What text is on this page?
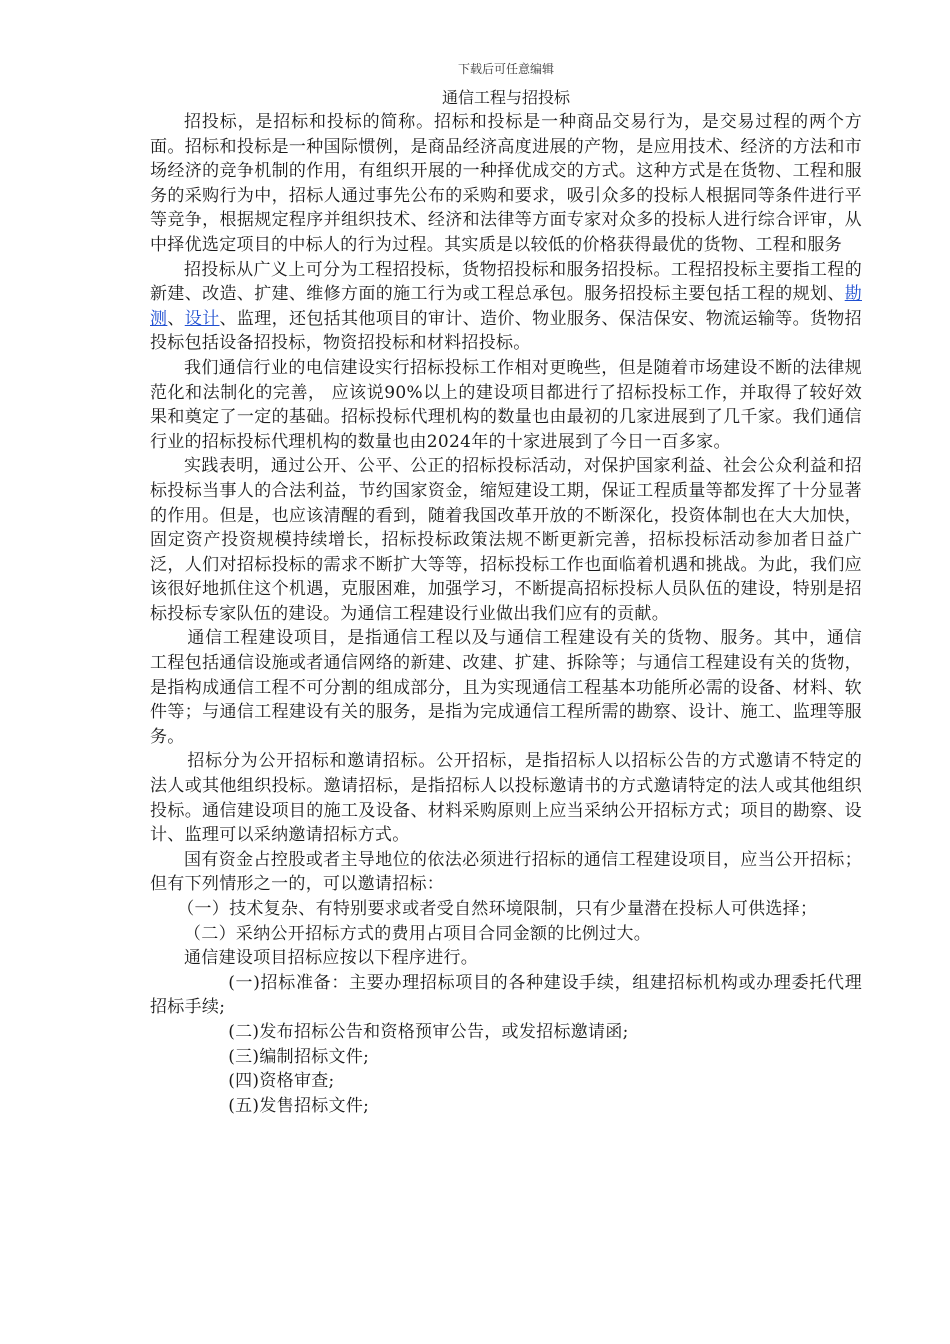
下载后可任意编辑
通信工程与招投标

招投标，是招标和投标的简称。招标和投标是一种商品交易行为，是交易过程的两个方面。招标和投标是一种国际惯例，是商品经济高度进展的产物，是应用技术、经济的方法和市场经济的竞争机制的作用，有组织开展的一种择优成交的方式。这种方式是在货物、工程和服务的采购行为中，招标人通过事先公布的采购和要求，吸引众多的投标人根据同等条件进行平等竞争，根据规定程序并组织技术、经济和法律等方面专家对众多的投标人进行综合评审，从中择优选定项目的中标人的行为过程。其实质是以较低的价格获得最优的货物、工程和服务

招投标从广义上可分为工程招投标，货物招投标和服务招投标。工程招投标主要指工程的新建、改造、扩建、维修方面的施工行为或工程总承包。服务招投标主要包括工程的规划、勘测、设计、监理，还包括其他项目的审计、造价、物业服务、保洁保安、物流运输等。货物招投标包括设备招投标，物资招投标和材料招投标。

我们通信行业的电信建设实行招标投标工作相对更晚些，但是随着市场建设不断的法律规范化和法制化的完善， 应该说90%以上的建设项目都进行了招标投标工作，并取得了较好效果和奠定了一定的基础。招标投标代理机构的数量也由最初的几家进展到了几千家。我们通信行业的招标投标代理机构的数量也由2024年的十家进展到了今日一百多家。

实践表明，通过公开、公平、公正的招标投标活动，对保护国家利益、社会公众利益和招标投标当事人的合法利益，节约国家资金，缩短建设工期，保证工程质量等都发挥了十分显著的作用。但是，也应该清醒的看到，随着我国改革开放的不断深化，投资体制也在大大加快，固定资产投资规模持续增长，招标投标政策法规不断更新完善，招标投标活动参加者日益广泛，人们对招标投标的需求不断扩大等等，招标投标工作也面临着机遇和挑战。为此，我们应该很好地抓住这个机遇，克服困难，加强学习，不断提高招标投标人员队伍的建设，特别是招标投标专家队伍的建设。为通信工程建设行业做出我们应有的贡献。

通信工程建设项目，是指通信工程以及与通信工程建设有关的货物、服务。其中，通信工程包括通信设施或者通信网络的新建、改建、扩建、拆除等；与通信工程建设有关的货物，是指构成通信工程不可分割的组成部分，且为实现通信工程基本功能所必需的设备、材料、软件等；与通信工程建设有关的服务，是指为完成通信工程所需的勘察、设计、施工、监理等服务。

招标分为公开招标和邀请招标。公开招标，是指招标人以招标公告的方式邀请不特定的法人或其他组织投标。邀请招标，是指招标人以投标邀请书的方式邀请特定的法人或其他组织投标。通信建设项目的施工及设备、材料采购原则上应当采纳公开招标方式；项目的勘察、设计、监理可以采纳邀请招标方式。

国有资金占控股或者主导地位的依法必须进行招标的通信工程建设项目，应当公开招标；但有下列情形之一的，可以邀请招标：

（一）技术复杂、有特别要求或者受自然环境限制，只有少量潜在投标人可供选择；

（二）采纳公开招标方式的费用占项目合同金额的比例过大。

通信建设项目招标应按以下程序进行。

(一)招标准备：主要办理招标项目的各种建设手续，组建招标机构或办理委托代理招标手续;

(二)发布招标公告和资格预审公告，或发招标邀请函;

(三)编制招标文件;

(四)资格审查;

(五)发售招标文件;
